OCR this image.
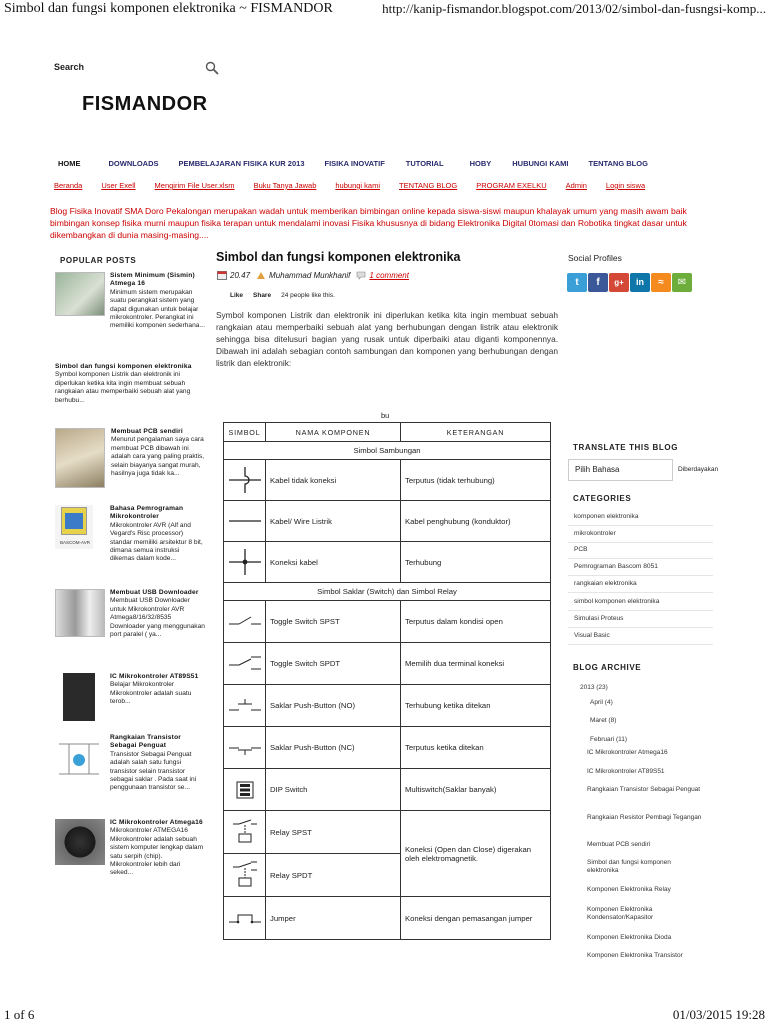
Simbol dan fungsi komponen elektronika ~ FISMANDOR	http://kanip-fismandor.blogspot.com/2013/02/simbol-dan-fusngsi-komp...
1 of 6	01/03/2015 19:28
Search
FISMANDOR
HOME	DOWNLOADS	PEMBELAJARAN FISIKA KUR 2013	FISIKA INOVATIF	TUTORIAL	HOBY	HUBUNGI KAMI	TENTANG BLOG
Beranda	User Exell	Mengirim File User.xlsm	Buku Tanya Jawab	hubungi kami	TENTANG BLOG	PROGRAM EXELKU	Admin	Login siswa
Blog Fisika Inovatif SMA Doro Pekalongan merupakan wadah untuk memberikan bimbingan online kepada siswa-siswi maupun khalayak umum yang masih awam baik bimbingan konsep fisika murni maupun fisika terapan untuk mendalami inovasi Fisika khususnya di bidang Elektronika Digital 0tomasi dan Robotika tingkat dasar untuk dikembangkan di dunia masing-masing....
POPULAR POSTS
Sistem Minimum (Sismin) Atmega 16
Minimum sistem merupakan suatu perangkat sistem yang dapat digunakan untuk belajar mikrokontroler. Perangkat ini memiliki komponen sederhana...
Simbol dan fungsi komponen elektronika
Symbol komponen Listrik dan elektronik ini diperlukan ketika kita ingin membuat sebuah rangkaian atau memperbaiki sebuah alat yang berhubu...
Membuat PCB sendiri
Menurut pengalaman saya cara membuat PCB dibawah ini adalah cara yang paling praktis, selain biayanya sangat murah, hasilnya juga tidak ka...
BASCOM-AVR
Bahasa Pemrograman Mikrokontroler
Mikrokontroler AVR (Alf and Vegard's Risc processor) standar memiliki arsitektur 8 bit, dimana semua instruksi dikemas dalam kode...
Membuat USB Downloader
Membuat USB Downloader untuk Mikrokontroler AVR Atmega8/16/32/8535 Downloader yang menggunakan port paralel ( ya...
IC Mikrokontroler AT89S51
Belajar Mikrokontroler Mikrokontroler adalah suatu terob...
Rangkaian Transistor Sebagai Penguat
Transistor Sebagai Penguat adalah salah satu fungsi transistor selain transistor sebagai saklar . Pada saat ini penggunaan transistor se...
IC Mikrokontroler Atmega16
Mikrokontroler ATMEGA16 Mikrokontroler adalah sebuah sistem komputer lengkap dalam satu serpih (chip). Mikrokontroler lebih dari seked...
Simbol dan fungsi komponen elektronika
20.47 Muhammad Munkhanif 1 comment
Like Share 24 people like this.
Symbol komponen Listrik dan elektronik ini diperlukan ketika kita ingin membuat sebuah rangkaian atau memperbaiki sebuah alat yang berhubungan dengan listrik atau elektronik sehingga bisa ditelusuri bagian yang rusak untuk diperbaiki atau diganti komponennya. Dibawah ini adalah sebagian contoh sambungan dan komponen yang berhubungan dengan listrik dan elektronik:
bu
SIMBOL	NAMA KOMPONEN	KETERANGAN
Simbol Sambungan		

	Kabel tidak koneksi	Terputus (tidak terhubung)

	Kabel/ Wire Listrik	Kabel penghubung (konduktor)

	Koneksi kabel	Terhubung
Simbol Saklar (Switch) dan Simbol Relay		

	Toggle Switch SPST	Terputus dalam kondisi open

	Toggle Switch SPDT	Memilih dua terminal koneksi

	Saklar Push-Button (NO)	Terhubung ketika ditekan

	Saklar Push-Button (NC)	Terputus ketika ditekan

	DIP Switch	Multiswitch(Saklar banyak)

	Relay SPST	Koneksi (Open dan Close) digerakan oleh elektromagnetik.

	Relay SPDT	

	Jumper	Koneksi dengan pemasangan jumper
Social Profiles
t	f	g+	in	≈	✉
TRANSLATE THIS BLOG
Pilih Bahasa	Diberdayakan
CATEGORIES
komponen elektronika
mikrokontroler
PCB
Pemrograman Bascom 8051
rangkaian elektronika
simbol komponen elektronika
Simulasi Proteus
Visual Basic
BLOG ARCHIVE
2013 (23)
April (4)
Maret (8)
Februari (11)
IC Mikrokontroler Atmega16
IC Mikrokontroler AT89S51
Rangkaian Transistor Sebagai Penguat
Rangkaian Resistor Pembagi Tegangan
Membuat PCB sendiri
Simbol dan fungsi komponen elektronika
Komponen Elektronika Relay
Komponen Elektronika Kondensator/Kapasitor
Komponen Elektronika Dioda
Komponen Elektronika Transistor
